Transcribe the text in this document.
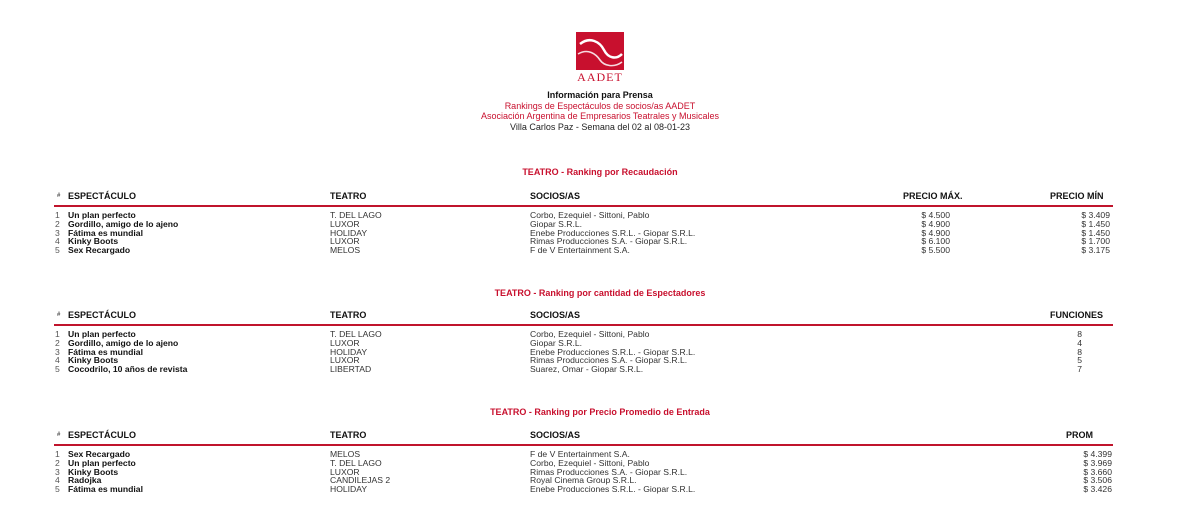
AADET
Información para Prensa
Rankings de Espectáculos de socios/as AADET
Asociación Argentina de Empresarios Teatrales y Musicales
Villa Carlos Paz - Semana del 02 al 08-01-23
TEATRO - Ranking por Recaudación
# ESPECTÁCULO	TEATRO	SOCIOS/AS	PRECIO MÁX.	PRECIO MÍN
1 Un plan perfecto	T. DEL LAGO	Corbo, Ezequiel - Sittoni, Pablo	$ 4.500	$ 3.409
2 Gordillo, amigo de lo ajeno	LUXOR	Giopar S.R.L.	$ 4.900	$ 1.450
3 Fátima es mundial	HOLIDAY	Enebe Producciones S.R.L. - Giopar S.R.L.	$ 4.900	$ 1.450
4 Kinky Boots	LUXOR	Rimas Producciones S.A. - Giopar S.R.L.	$ 6.100	$ 1.700
5 Sex Recargado	MELOS	F de V Entertainment S.A.	$ 5.500	$ 3.175
TEATRO - Ranking por cantidad de Espectadores
# ESPECTÁCULO	TEATRO	SOCIOS/AS	FUNCIONES
1 Un plan perfecto	T. DEL LAGO	Corbo, Ezequiel - Sittoni, Pablo	8
2 Gordillo, amigo de lo ajeno	LUXOR	Giopar S.R.L.	4
3 Fátima es mundial	HOLIDAY	Enebe Producciones S.R.L. - Giopar S.R.L.	8
4 Kinky Boots	LUXOR	Rimas Producciones S.A. - Giopar S.R.L.	5
5 Cocodrilo, 10 años de revista	LIBERTAD	Suarez, Omar - Giopar S.R.L.	7
TEATRO - Ranking por Precio Promedio de Entrada
# ESPECTÁCULO	TEATRO	SOCIOS/AS	PROM
1 Sex Recargado	MELOS	F de V Entertainment S.A.	$ 4.399
2 Un plan perfecto	T. DEL LAGO	Corbo, Ezequiel - Sittoni, Pablo	$ 3.969
3 Kinky Boots	LUXOR	Rimas Producciones S.A. - Giopar S.R.L.	$ 3.660
4 Radojka	CANDILEJAS 2	Royal Cinema Group S.R.L.	$ 3.506
5 Fátima es mundial	HOLIDAY	Enebe Producciones S.R.L. - Giopar S.R.L.	$ 3.426
